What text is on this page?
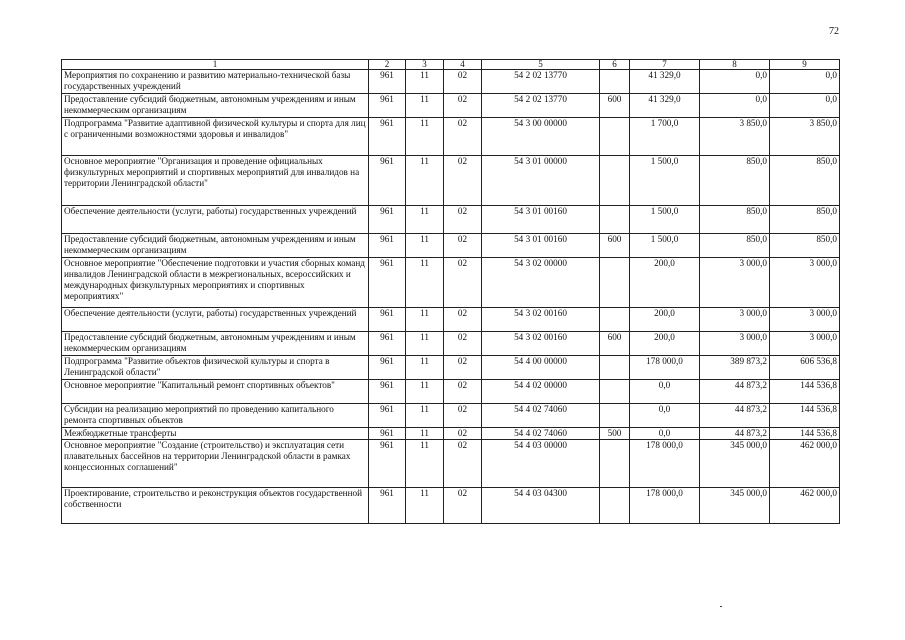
72
1	2	3	4	5	6	7	8	9
Мероприятия по сохранению и развитию материально-технической базы государственных учреждений	961	11	02	54 2 02 13770		41 329,0	0,0	0,0
Предоставление субсидий бюджетным, автономным учреждениям и иным некоммерческим организациям	961	11	02	54 2 02 13770	600	41 329,0	0,0	0,0
Подпрограмма "Развитие адаптивной физической культуры и спорта для лиц с ограниченными возможностями здоровья и инвалидов"	961	11	02	54 3 00 00000		1 700,0	3 850,0	3 850,0
Основное мероприятие "Организация и проведение официальных физкультурных мероприятий и спортивных мероприятий для инвалидов на территории Ленинградской области"	961	11	02	54 3 01 00000		1 500,0	850,0	850,0
Обеспечение деятельности (услуги, работы) государственных учреждений	961	11	02	54 3 01 00160		1 500,0	850,0	850,0
Предоставление субсидий бюджетным, автономным учреждениям и иным некоммерческим организациям	961	11	02	54 3 01 00160	600	1 500,0	850,0	850,0
Основное мероприятие "Обеспечение подготовки и участия сборных команд инвалидов Ленинградской области в межрегиональных, всероссийских и международных физкультурных мероприятиях и спортивных мероприятиях"	961	11	02	54 3 02 00000		200,0	3 000,0	3 000,0
Обеспечение деятельности (услуги, работы) государственных учреждений	961	11	02	54 3 02 00160		200,0	3 000,0	3 000,0
Предоставление субсидий бюджетным, автономным учреждениям и иным некоммерческим организациям	961	11	02	54 3 02 00160	600	200,0	3 000,0	3 000,0
Подпрограмма "Развитие объектов физической культуры и спорта в Ленинградской области"	961	11	02	54 4 00 00000		178 000,0	389 873,2	606 536,8
Основное мероприятие "Капитальный ремонт спортивных объектов"	961	11	02	54 4 02 00000		0,0	44 873,2	144 536,8
Субсидии на реализацию мероприятий по проведению капитального ремонта спортивных объектов	961	11	02	54 4 02 74060		0,0	44 873,2	144 536,8
Межбюджетные трансферты	961	11	02	54 4 02 74060	500	0,0	44 873,2	144 536,8
Основное мероприятие "Создание (строительство) и эксплуатация сети плавательных бассейнов на территории Ленинградской области в рамках концессионных соглашений"	961	11	02	54 4 03 00000		178 000,0	345 000,0	462 000,0
Проектирование, строительство и реконструкция объектов государственной собственности	961	11	02	54 4 03 04300		178 000,0	345 000,0	462 000,0
